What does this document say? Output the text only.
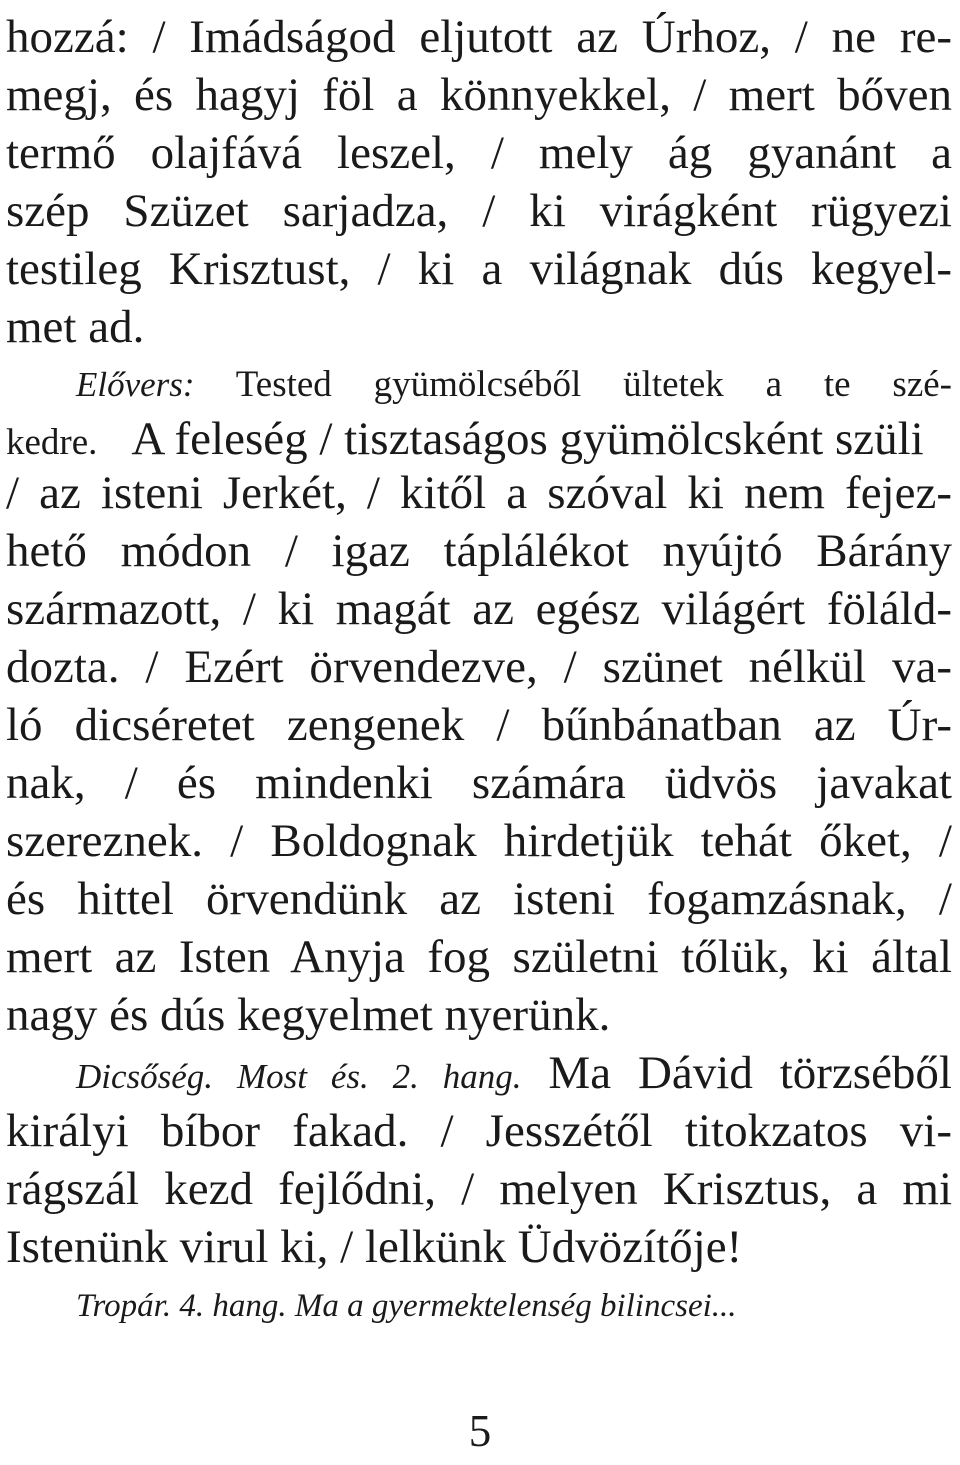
hozzá: / Imádságod eljutott az Úrhoz, / ne re-
megj, és hagyj föl a könnyekkel, / mert bőven
termő olajfává leszel, / mely ág gyanánt a
szép Szüzet sarjadza, / ki virágként rügyezi
testileg Krisztust, / ki a világnak dús kegyel-
met ad.
Elővers: Tested gyümölcséből ültetek a te szé-
kedre. A feleség / tisztaságos gyümölcsként szüli
/ az isteni Jerkét, / kitől a szóval ki nem fejez-
hető módon / igaz táplálékot nyújtó Bárány
származott, / ki magát az egész világért föláld-
dozta. / Ezért örvendezve, / szünet nélkül va-
ló dicséretet zengenek / bűnbánatban az Úr-
nak, / és mindenki számára üdvös javakat
szereznek. / Boldognak hirdetjük tehát őket, /
és hittel örvendünk az isteni fogamzásnak, /
mert az Isten Anyja fog születni tőlük, ki által
nagy és dús kegyelmet nyerünk.
Dicsőség. Most és. 2. hang. Ma Dávid törzséből
királyi bíbor fakad. / Jesszétől titokzatos vi-
rágszál kezd fejlődni, / melyen Krisztus, a mi
Istenünk virul ki, / lelkünk Üdvözítője!
Tropár. 4. hang. Ma a gyermektelenség bilincsei...
5
